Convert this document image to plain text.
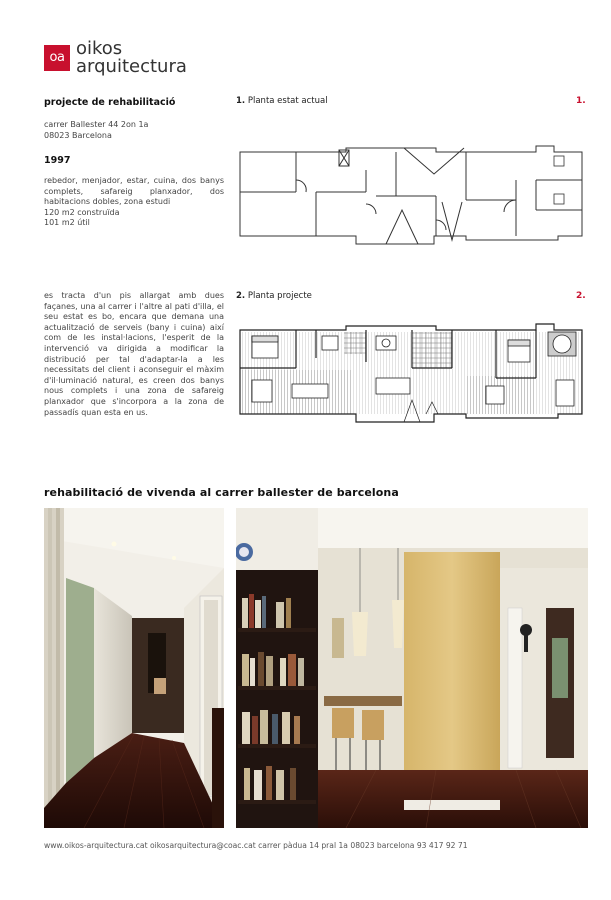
oa oikos
arquitectura
projecte de rehabilitació
carrer Ballester 44 2on 1a
08023 Barcelona
1997
rebedor, menjador, estar, cuina, dos banys complets, safareig planxador, dos habitacions dobles, zona estudi
120 m2 construïda
101 m2 útil
es tracta d'un pis allargat amb dues façanes, una al carrer i l'altre al pati d'illa, el seu estat es bo, encara que demana una actualització de serveis (bany i cuina) així com de les instal·lacions, l'esperit de la intervenció va dirigida a modificar la distribució per tal d'adaptar-la a les necessitats del client i aconseguir el màxim d'il·luminació natural, es creen dos banys nous complets i una zona de safareig planxador que s'incorpora a la zona de passadís quan esta en us.
1. Planta estat actual	1.
2. Planta projecte	2.
rehabilitació de vivenda al carrer ballester de barcelona
www.oikos-arquitectura.cat oikosarquitectura@coac.cat carrer pàdua 14 pral 1a 08023 barcelona 93 417 92 71
